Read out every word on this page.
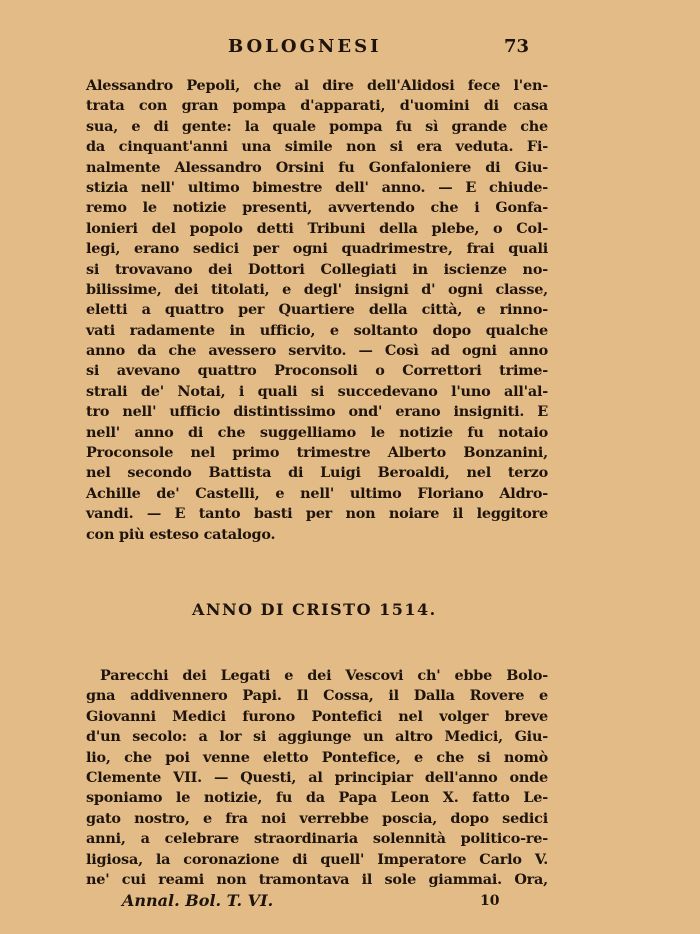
BOLOGNESI	73
Alessandro Pepoli, che al dire dell'Alidosi fece l'en-
trata con gran pompa d'apparati, d'uomini di casa
sua, e di gente: la quale pompa fu sì grande che
da cinquant'anni una simile non si era veduta. Fi-
nalmente Alessandro Orsini fu Gonfaloniere di Giu-
stizia nell' ultimo bimestre dell' anno. — E chiude-
remo le notizie presenti, avvertendo che i Gonfa-
lonieri del popolo detti Tribuni della plebe, o Col-
legi, erano sedici per ogni quadrimestre, frai quali
si trovavano dei Dottori Collegiati in iscienze no-
bilissime, dei titolati, e degl' insigni d' ogni classe,
eletti a quattro per Quartiere della città, e rinno-
vati radamente in ufficio, e soltanto dopo qualche
anno da che avessero servito. — Così ad ogni anno
si avevano quattro Proconsoli o Correttori trime-
strali de' Notai, i quali si succedevano l'uno all'al-
tro nell' ufficio distintissimo ond' erano insigniti. E
nell' anno di che suggelliamo le notizie fu notaio
Proconsole nel primo trimestre Alberto Bonzanini,
nel secondo Battista di Luigi Beroaldi, nel terzo
Achille de' Castelli, e nell' ultimo Floriano Aldro-
vandi. — E tanto basti per non noiare il leggitore
con più esteso catalogo.
ANNO DI CRISTO 1514.
Parecchi dei Legati e dei Vescovi ch' ebbe Bolo-
gna addivennero Papi. Il Cossa, il Dalla Rovere e
Giovanni Medici furono Pontefici nel volger breve
d'un secolo: a lor si aggiunge un altro Medici, Giu-
lio, che poi venne eletto Pontefice, e che si nomò
Clemente VII. — Questi, al principiar dell'anno onde
sponiamo le notizie, fu da Papa Leon X. fatto Le-
gato nostro, e fra noi verrebbe poscia, dopo sedici
anni, a celebrare straordinaria solennità politico-re-
ligiosa, la coronazione di quell' Imperatore Carlo V.
ne' cui reami non tramontava il sole giammai. Ora,
Annal. Bol. T. VI.	10
